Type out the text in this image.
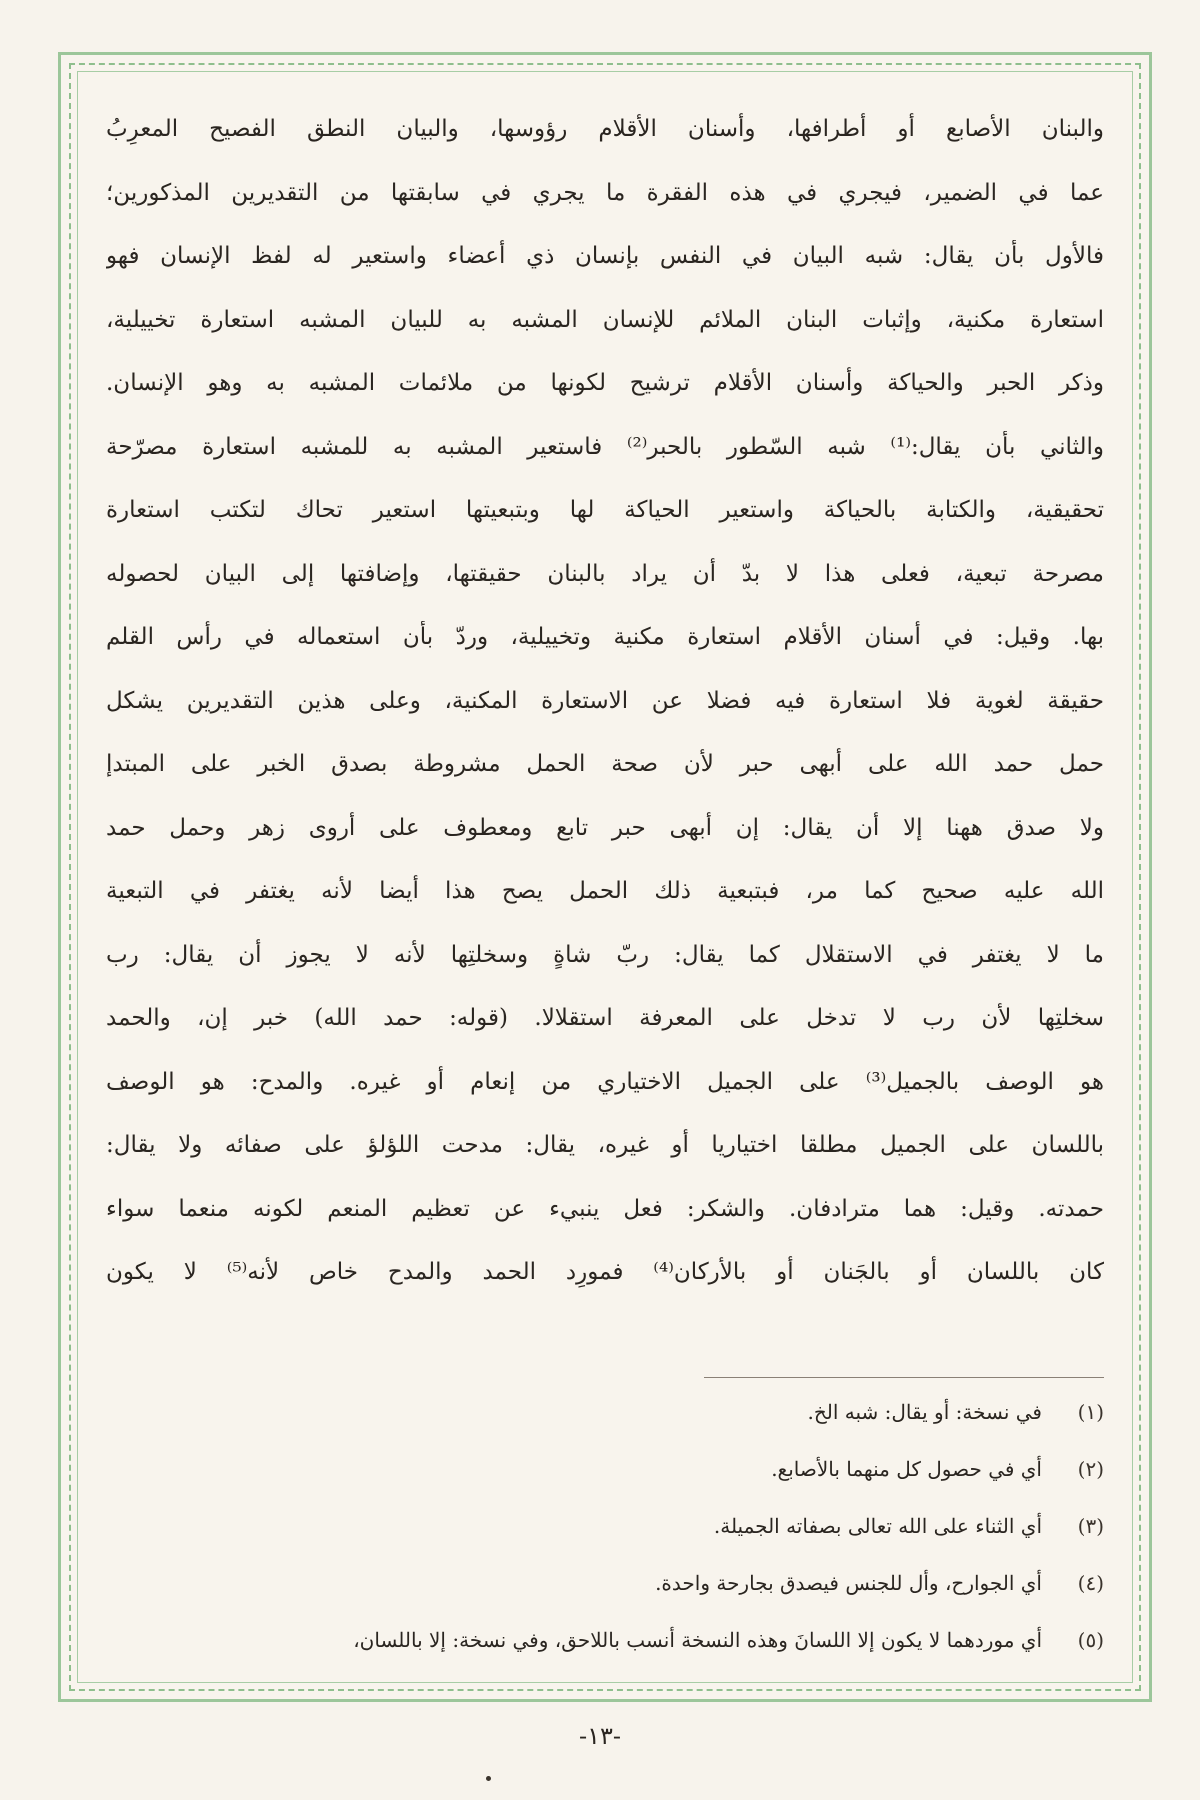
والبنان الأصابع أو أطرافها، وأسنان الأقلام رؤوسها، والبيان النطق الفصيح المعرِبُ
عما في الضمير، فيجري في هذه الفقرة ما يجري في سابقتها من التقديرين المذكورين؛
فالأول بأن يقال: شبه البيان في النفس بإنسان ذي أعضاء واستعير له لفظ الإنسان فهو
استعارة مكنية، وإثبات البنان الملائم للإنسان المشبه به للبيان المشبه استعارة تخييلية،
وذكر الحبر والحياكة وأسنان الأقلام ترشيح لكونها من ملائمات المشبه به وهو الإنسان.
والثاني بأن يقال:⁽¹⁾ شبه السّطور بالحبر⁽²⁾ فاستعير المشبه به للمشبه استعارة مصرّحة
تحقيقية، والكتابة بالحياكة واستعير الحياكة لها وبتبعيتها استعير تحاك لتكتب استعارة
مصرحة تبعية، فعلى هذا لا بدّ أن يراد بالبنان حقيقتها، وإضافتها إلى البيان لحصوله
بها. وقيل: في أسنان الأقلام استعارة مكنية وتخييلية، وردّ بأن استعماله في رأس القلم
حقيقة لغوية فلا استعارة فيه فضلا عن الاستعارة المكنية، وعلى هذين التقديرين يشكل
حمل حمد الله على أبهى حبر لأن صحة الحمل مشروطة بصدق الخبر على المبتدإ
ولا صدق ههنا إلا أن يقال: إن أبهى حبر تابع ومعطوف على أروى زهر وحمل حمد
الله عليه صحيح كما مر، فبتبعية ذلك الحمل يصح هذا أيضا لأنه يغتفر في التبعية
ما لا يغتفر في الاستقلال كما يقال: ربّ شاةٍ وسخلتِها لأنه لا يجوز أن يقال: رب
سخلتِها لأن رب لا تدخل على المعرفة استقلالا. (قوله: حمد الله) خبر إن، والحمد
هو الوصف بالجميل⁽³⁾ على الجميل الاختياري من إنعام أو غيره. والمدح: هو الوصف
باللسان على الجميل مطلقا اختياريا أو غيره، يقال: مدحت اللؤلؤ على صفائه ولا يقال:
حمدته. وقيل: هما مترادفان. والشكر: فعل ينبيء عن تعظيم المنعم لكونه منعما سواء
كان باللسان أو بالجَنان أو بالأركان⁽⁴⁾ فمورِد الحمد والمدح خاص لأنه⁽⁵⁾ لا يكون
(١)
في نسخة: أو يقال: شبه الخ.
(٢)
أي في حصول كل منهما بالأصابع.
(٣)
أي الثناء على الله تعالى بصفاته الجميلة.
(٤)
أي الجوارح، وأل للجنس فيصدق بجارحة واحدة.
(٥)
أي موردهما لا يكون إلا اللسانَ وهذه النسخة أنسب باللاحق، وفي نسخة: إلا باللسان،
-١٣-
